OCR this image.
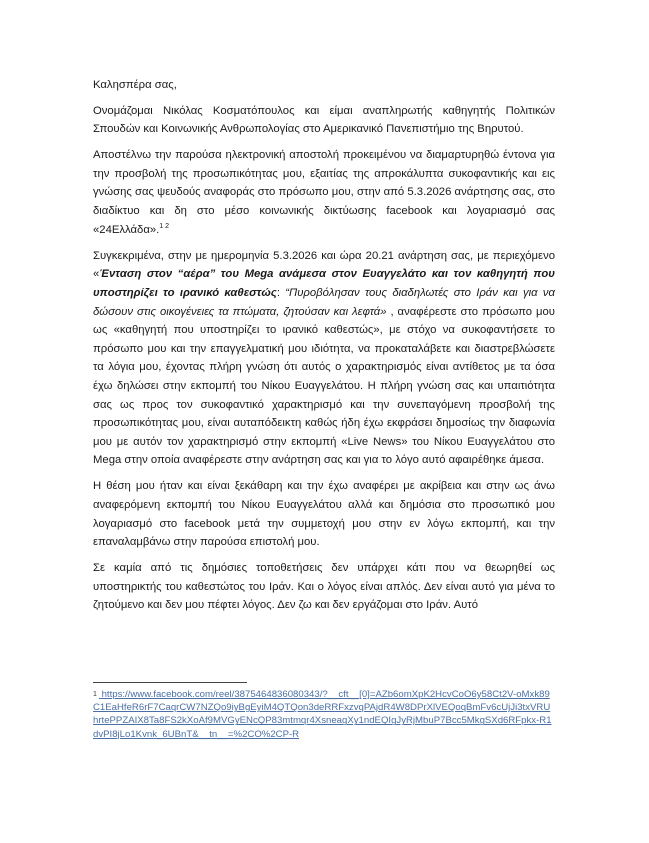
Καλησπέρα σας,

Ονομάζομαι Νικόλας Κοσματόπουλος και είμαι αναπληρωτής καθηγητής Πολιτικών Σπουδών και Κοινωνικής Ανθρωπολογίας στο Αμερικανικό Πανεπιστήμιο της Βηρυτού.

Αποστέλνω την παρούσα ηλεκτρονική αποστολή προκειμένου να διαμαρτυρηθώ έντονα για την προσβολή της προσωπικότητας μου, εξαιτίας της απροκάλυπτα συκοφαντικής και εις γνώσης σας ψευδούς αναφοράς στο πρόσωπο μου, στην από 5.3.2026 ανάρτησης σας, στο διαδίκτυο και δη στο μέσο κοινωνικής δικτύωσης facebook και λογαριασμό σας «24Ελλάδα».$^{1 2}$

Συγκεκριμένα, στην με ημερομηνία 5.3.2026 και ώρα 20.21 ανάρτηση σας, με περιεχόμενο «Ένταση στον “αέρα” του Mega ανάμεσα στον Ευαγγελάτο και τον καθηγητή που υποστηρίζει το ιρανικό καθεστώς: “Πυροβόλησαν τους διαδηλωτές στο Ιράν και για να δώσουν στις οικογένειες τα πτώματα, ζητούσαν και λεφτά» , αναφέρεστε στο πρόσωπο μου ως «καθηγητή που υποστηρίζει το ιρανικό καθεστώς», με στόχο να συκοφαντήσετε το πρόσωπο μου και την επαγγελματική μου ιδιότητα, να προκαταλάβετε και διαστρεβλώσετε τα λόγια μου, έχοντας πλήρη γνώση ότι αυτός ο χαρακτηρισμός είναι αντίθετος με τα όσα έχω δηλώσει στην εκπομπή του Νίκου Ευαγγελάτου. Η πλήρη γνώση σας και υπαιτιότητα σας ως προς τον συκοφαντικό χαρακτηρισμό και την συνεπαγόμενη προσβολή της προσωπικότητας μου, είναι αυταπόδεικτη καθώς ήδη έχω εκφράσει δημοσίως την διαφωνία μου με αυτόν τον χαρακτηρισμό στην εκπομπή «Live News» του Νίκου Ευαγγελάτου στο Mega στην οποία αναφέρεστε στην ανάρτηση σας και για το λόγο αυτό αφαιρέθηκε άμεσα.

Η θέση μου ήταν και είναι ξεκάθαρη και την έχω αναφέρει με ακρίβεια και στην ως άνω αναφερόμενη εκπομπή του Νίκου Ευαγγελάτου αλλά και δημόσια στο προσωπικό μου λογαριασμό στο facebook μετά την συμμετοχή μου στην εν λόγω εκπομπή, και την επαναλαμβάνω στην παρούσα επιστολή μου.

Σε καμία από τις δημόσιες τοποθετήσεις δεν υπάρχει κάτι που να θεωρηθεί ως υποστηρικτής του καθεστώτος του Ιράν. Και ο λόγος είναι απλός. Δεν είναι αυτό για μένα το ζητούμενο και δεν μου πέφτει λόγος. Δεν ζω και δεν εργάζομαι στο Ιράν. Αυτό

$^1$ https://www.facebook.com/reel/3875464836080343/?__cft__[0]=AZb6omXpK2HcvCoO6y58Ct2V-oMxk89C1EaHfeR6rF7CaqrCW7NZQo9iyBgEyiM4QTQon3deRRFxzvqPAjdR4W8DPrXlVEQoqBmFv6cUjJi3txVRUhrtePPZAIX8Ta8FS2kXoAf9MVGyENcQP83mtmqr4XsneagXy1ndEQIgJyRjMbuP7Bcc5MkgSXd6RFpkx-R1dvPI8jLo1Kvnk_6UBnT&__tn__=%2CO%2CP-R
